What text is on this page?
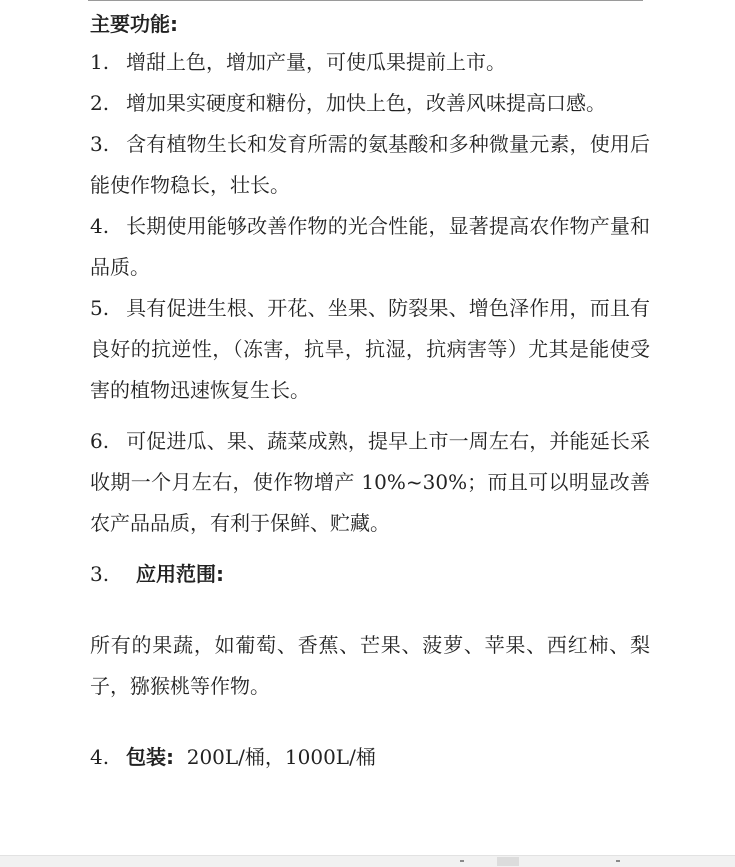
主要功能:

1. 增甜上色，增加产量，可使瓜果提前上市。

2. 增加果实硬度和糖份，加快上色，改善风味提高口感。

3. 含有植物生长和发育所需的氨基酸和多种微量元素，使用后能使作物稳长，壮长。

4. 长期使用能够改善作物的光合性能，显著提高农作物产量和品质。

5. 具有促进生根、开花、坐果、防裂果、增色泽作用，而且有良好的抗逆性，（冻害，抗旱，抗湿，抗病害等）尤其是能使受害的植物迅速恢复生长。

6. 可促进瓜、果、蔬菜成熟，提早上市一周左右，并能延长采收期一个月左右，使作物增产 10%~30%；而且可以明显改善农产品品质，有利于保鲜、贮藏。

3. 应用范围:

所有的果蔬，如葡萄、香蕉、芒果、菠萝、苹果、西红柿、梨子，猕猴桃等作物。

4. 包装: 200L/桶，1000L/桶
